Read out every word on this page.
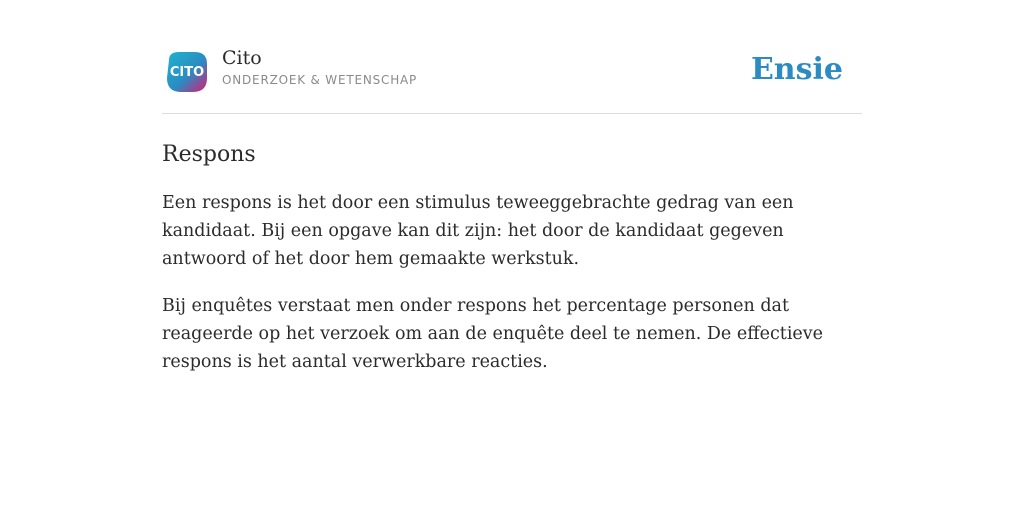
CITO
Cito
ONDERZOEK & WETENSCHAP	Ensie
Respons

Een respons is het door een stimulus teweeggebrachte gedrag van een kandidaat. Bij een opgave kan dit zijn: het door de kandidaat gegeven antwoord of het door hem gemaakte werkstuk.

Bij enquêtes verstaat men onder respons het percentage personen dat reageerde op het verzoek om aan de enquête deel te nemen. De effectieve respons is het aantal verwerkbare reacties.
